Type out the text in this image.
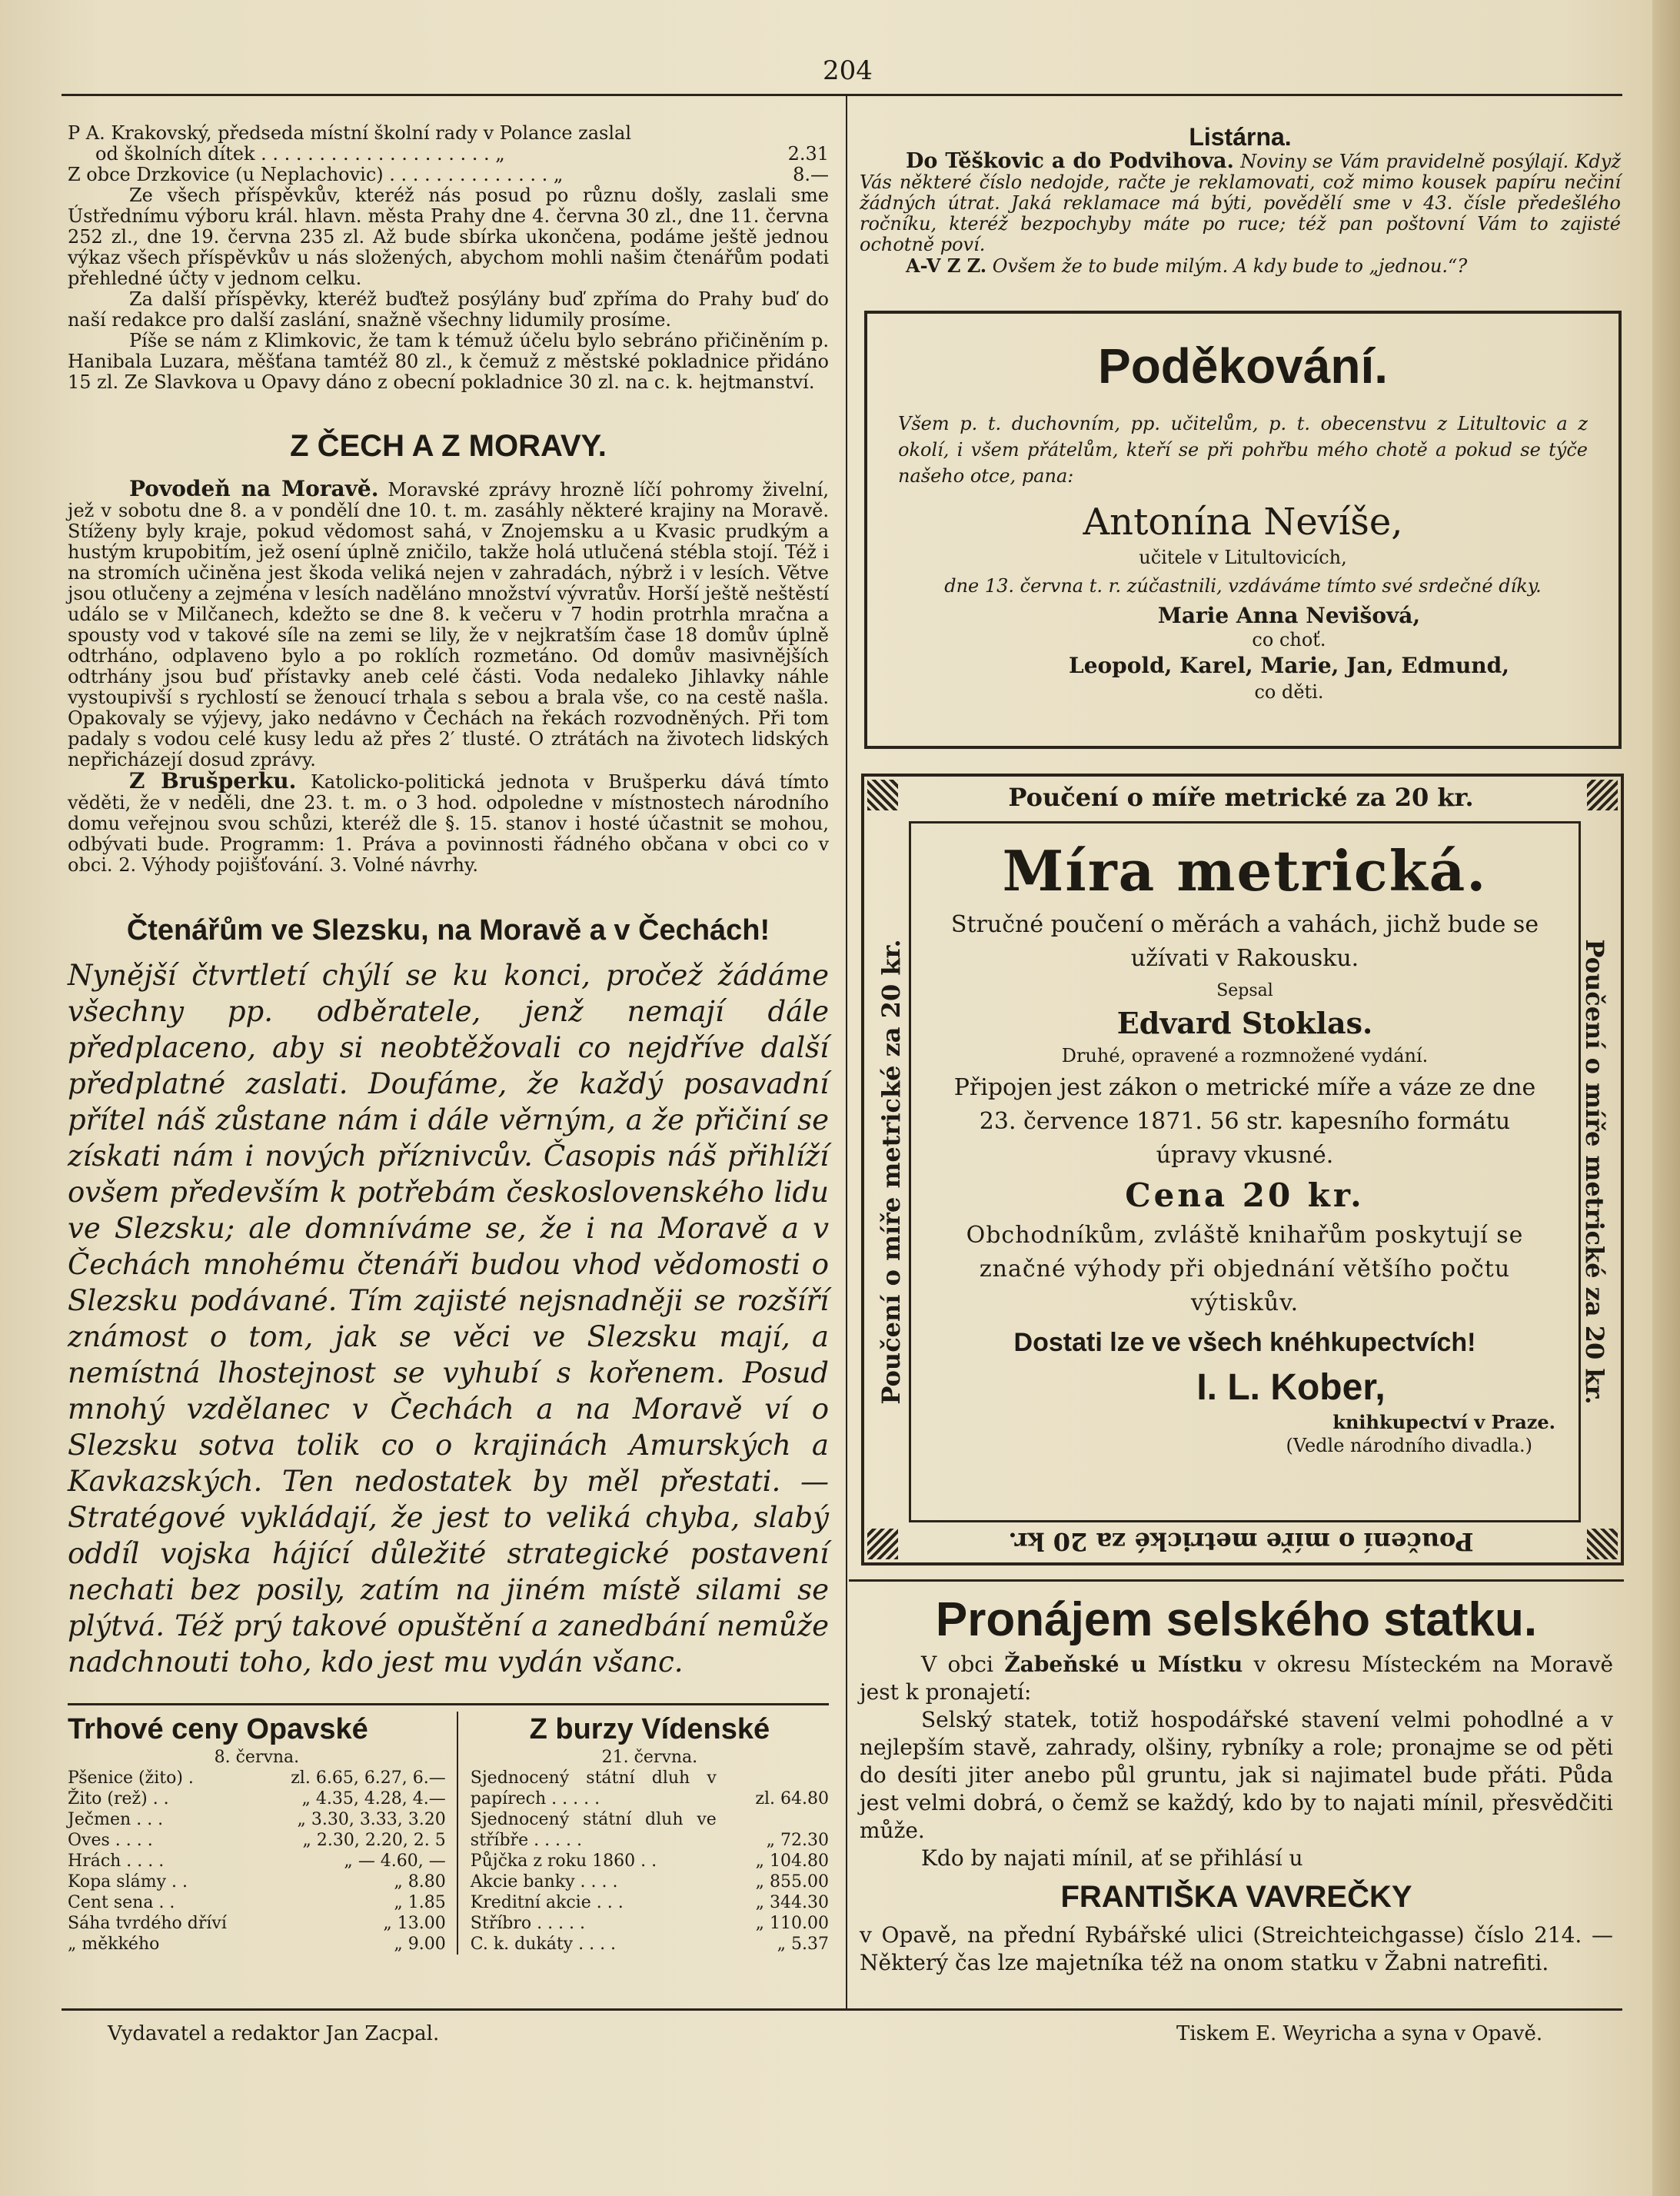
204
P A. Krakovský, předseda místní školní rady v Polance zaslal
od školních dítek . . . . . . . . . . . . . . . . . . . . „	2.31
Z obce Drzkovice (u Neplachovic) . . . . . . . . . . . . . . „	8.—

Ze všech příspěvkův, kteréž nás posud po různu došly, zaslali sme Ústřednímu výboru král. hlavn. města Prahy dne 4. června 30 zl., dne 11. června 252 zl., dne 19. června 235 zl. Až bude sbírka ukončena, podáme ještě jednou výkaz všech příspěvkův u nás složených, abychom mohli našim čtenářům podati přehledné účty v jednom celku.

Za další příspěvky, kteréž buďtež posýlány buď zpříma do Prahy buď do naší redakce pro další zaslání, snažně všechny lidumily prosíme.

Píše se nám z Klimkovic, že tam k témuž účelu bylo sebráno přičiněním p. Hanibala Luzara, měšťana tamtéž 80 zl., k čemuž z městské pokladnice přidáno 15 zl. Ze Slavkova u Opavy dáno z obecní pokladnice 30 zl. na c. k. hejtmanství.

Z ČECH A Z MORAVY.

Povodeň na Moravě. Moravské zprávy hrozně líčí pohromy živelní, jež v sobotu dne 8. a v pondělí dne 10. t. m. zasáhly některé krajiny na Moravě. Stíženy byly kraje, pokud vědomost sahá, v Znojemsku a u Kvasic prudkým a hustým krupobitím, jež osení úplně zničilo, takže holá utlučená stébla stojí. Též i na stromích učiněna jest škoda veliká nejen v zahradách, nýbrž i v lesích. Větve jsou otlučeny a zejména v lesích naděláno množství vývratův. Horší ještě neštěstí událo se v Milčanech, kdežto se dne 8. k večeru v 7 hodin protrhla mračna a spousty vod v takové síle na zemi se lily, že v nejkratším čase 18 domův úplně odtrháno, odplaveno bylo a po roklích rozmetáno. Od domův masivnějších odtrhány jsou buď přístavky aneb celé části. Voda nedaleko Jihlavky náhle vystoupivší s rychlostí se ženoucí trhala s sebou a brala vše, co na cestě našla. Opakovaly se výjevy, jako nedávno v Čechách na řekách rozvodněných. Při tom padaly s vodou celé kusy ledu až přes 2′ tlusté. O ztrátách na životech lidských nepřicházejí dosud zprávy.

Z Brušperku. Katolicko-politická jednota v Brušperku dává tímto věděti, že v neděli, dne 23. t. m. o 3 hod. odpoledne v místnostech národního domu veřejnou svou schůzi, kteréž dle §. 15. stanov i hosté účastnit se mohou, odbývati bude. Programm: 1. Práva a povinnosti řádného občana v obci co v obci. 2. Výhody pojišťování. 3. Volné návrhy.

Čtenářům ve Slezsku, na Moravě a v Čechách!
Nynější čtvrtletí chýlí se ku konci, pročež žádáme všechny pp. odběratele, jenž nemají dále předplaceno, aby si neobtěžovali co nejdříve další předplatné zaslati. Doufáme, že každý posavadní přítel náš zůstane nám i dále věrným, a že přičiní se získati nám i nových příznivcův. Časopis náš přihlíží ovšem především k potřebám československého lidu ve Slezsku; ale domníváme se, že i na Moravě a v Čechách mnohému čtenáři budou vhod vědomosti o Slezsku podávané. Tím zajisté nejsnadněji se rozšíří známost o tom, jak se věci ve Slezsku mají, a nemístná lhostejnost se vyhubí s kořenem. Posud mnohý vzdělanec v Čechách a na Moravě ví o Slezsku sotva tolik co o krajinách Amurských a Kavkazských. Ten nedostatek by měl přestati. — Stratégové vykládají, že jest to veliká chyba, slabý oddíl vojska hájící důležité strategické postavení nechati bez posily, zatím na jiném místě silami se plýtvá. Též prý takové opuštění a zanedbání nemůže nadchnouti toho, kdo jest mu vydán všanc.
Trhové ceny Opavské
8. června.
Pšenice (žito) .	zl. 6.65, 6.27, 6.—
Žito (rež) . .	„ 4.35, 4.28, 4.—
Ječmen . . .	„ 3.30, 3.33, 3.20
Oves . . . .	„ 2.30, 2.20, 2. 5
Hrách . . . .	„ — 4.60, —
Kopa slámy . .	„ 8.80
Cent sena . .	„ 1.85
Sáha tvrdého dříví	„ 13.00
„ měkkého	„ 9.00
Z burzy Vídenské
21. června.
Sjednocený státní dluh v papírech . . . . .	zl. 64.80
Sjednocený státní dluh ve stříbře . . . . .	„ 72.30
Půjčka z roku 1860 . .	„ 104.80
Akcie banky . . . .	„ 855.00
Kreditní akcie . . .	„ 344.30
Stříbro . . . . .	„ 110.00
C. k. dukáty . . . .	„ 5.37
Listárna.

Do Těškovic a do Podvihova. Noviny se Vám pravidelně posýlají. Když Vás některé číslo nedojde, račte je reklamovati, což mimo kousek papíru nečiní žádných útrat. Jaká reklamace má býti, povědělí sme v 43. čísle předešlého ročníku, kteréž bezpochyby máte po ruce; též pan poštovní Vám to zajisté ochotně poví.

A-V Z Z. Ovšem že to bude milým. A kdy bude to „jednou.“?

Poděkování.
Všem p. t. duchovním, pp. učitelům, p. t. obecenstvu z Litultovic a z okolí, i všem přátelům, kteří se při pohřbu mého chotě a pokud se týče našeho otce, pana:
Antonína Nevíše,
učitele v Litultovicích,
dne 13. června t. r. zúčastnili, vzdáváme tímto své srdečné díky.
Marie Anna Nevišová,
co choť.
Leopold, Karel, Marie, Jan, Edmund,
co děti.
Poučení o míře metrické za 20 kr.
Poučení o míře metrické za 20 kr.
Poučení o míře metrické za 20 kr.	Poučení o míře metrické za 20 kr.
Míra metrická.
Stručné poučení o měrách a vahách, jichž bude se užívati v Rakousku.
Sepsal
Edvard Stoklas.
Druhé, opravené a rozmnožené vydání.
Připojen jest zákon o metrické míře a váze ze dne 23. července 1871. 56 str. kapesního formátu úpravy vkusné.
Cena 20 kr.
Obchodníkům, zvláště knihařům poskytují se značné výhody při objednání většího počtu výtiskův.
Dostati lze ve všech knéhkupectvích!
I. L. Kober,
knihkupectví v Praze.
(Vedle národního divadla.)
Pronájem selského statku.

V obci Žabeňské u Místku v okresu Místeckém na Moravě jest k pronajetí:

Selský statek, totiž hospodářské stavení velmi pohodlné a v nejlepším stavě, zahrady, olšiny, rybníky a role; pronajme se od pěti do desíti jiter anebo půl gruntu, jak si najimatel bude přáti. Půda jest velmi dobrá, o čemž se každý, kdo by to najati mínil, přesvědčiti může.

Kdo by najati mínil, ať se přihlásí u

FRANTIŠKA VAVREČKY

v Opavě, na přední Rybářské ulici (Streichteichgasse) číslo 214. — Některý čas lze majetníka též na onom statku v Žabni natrefiti.

Vydavatel a redaktor Jan Zacpal.	Tiskem E. Weyricha a syna v Opavě.
